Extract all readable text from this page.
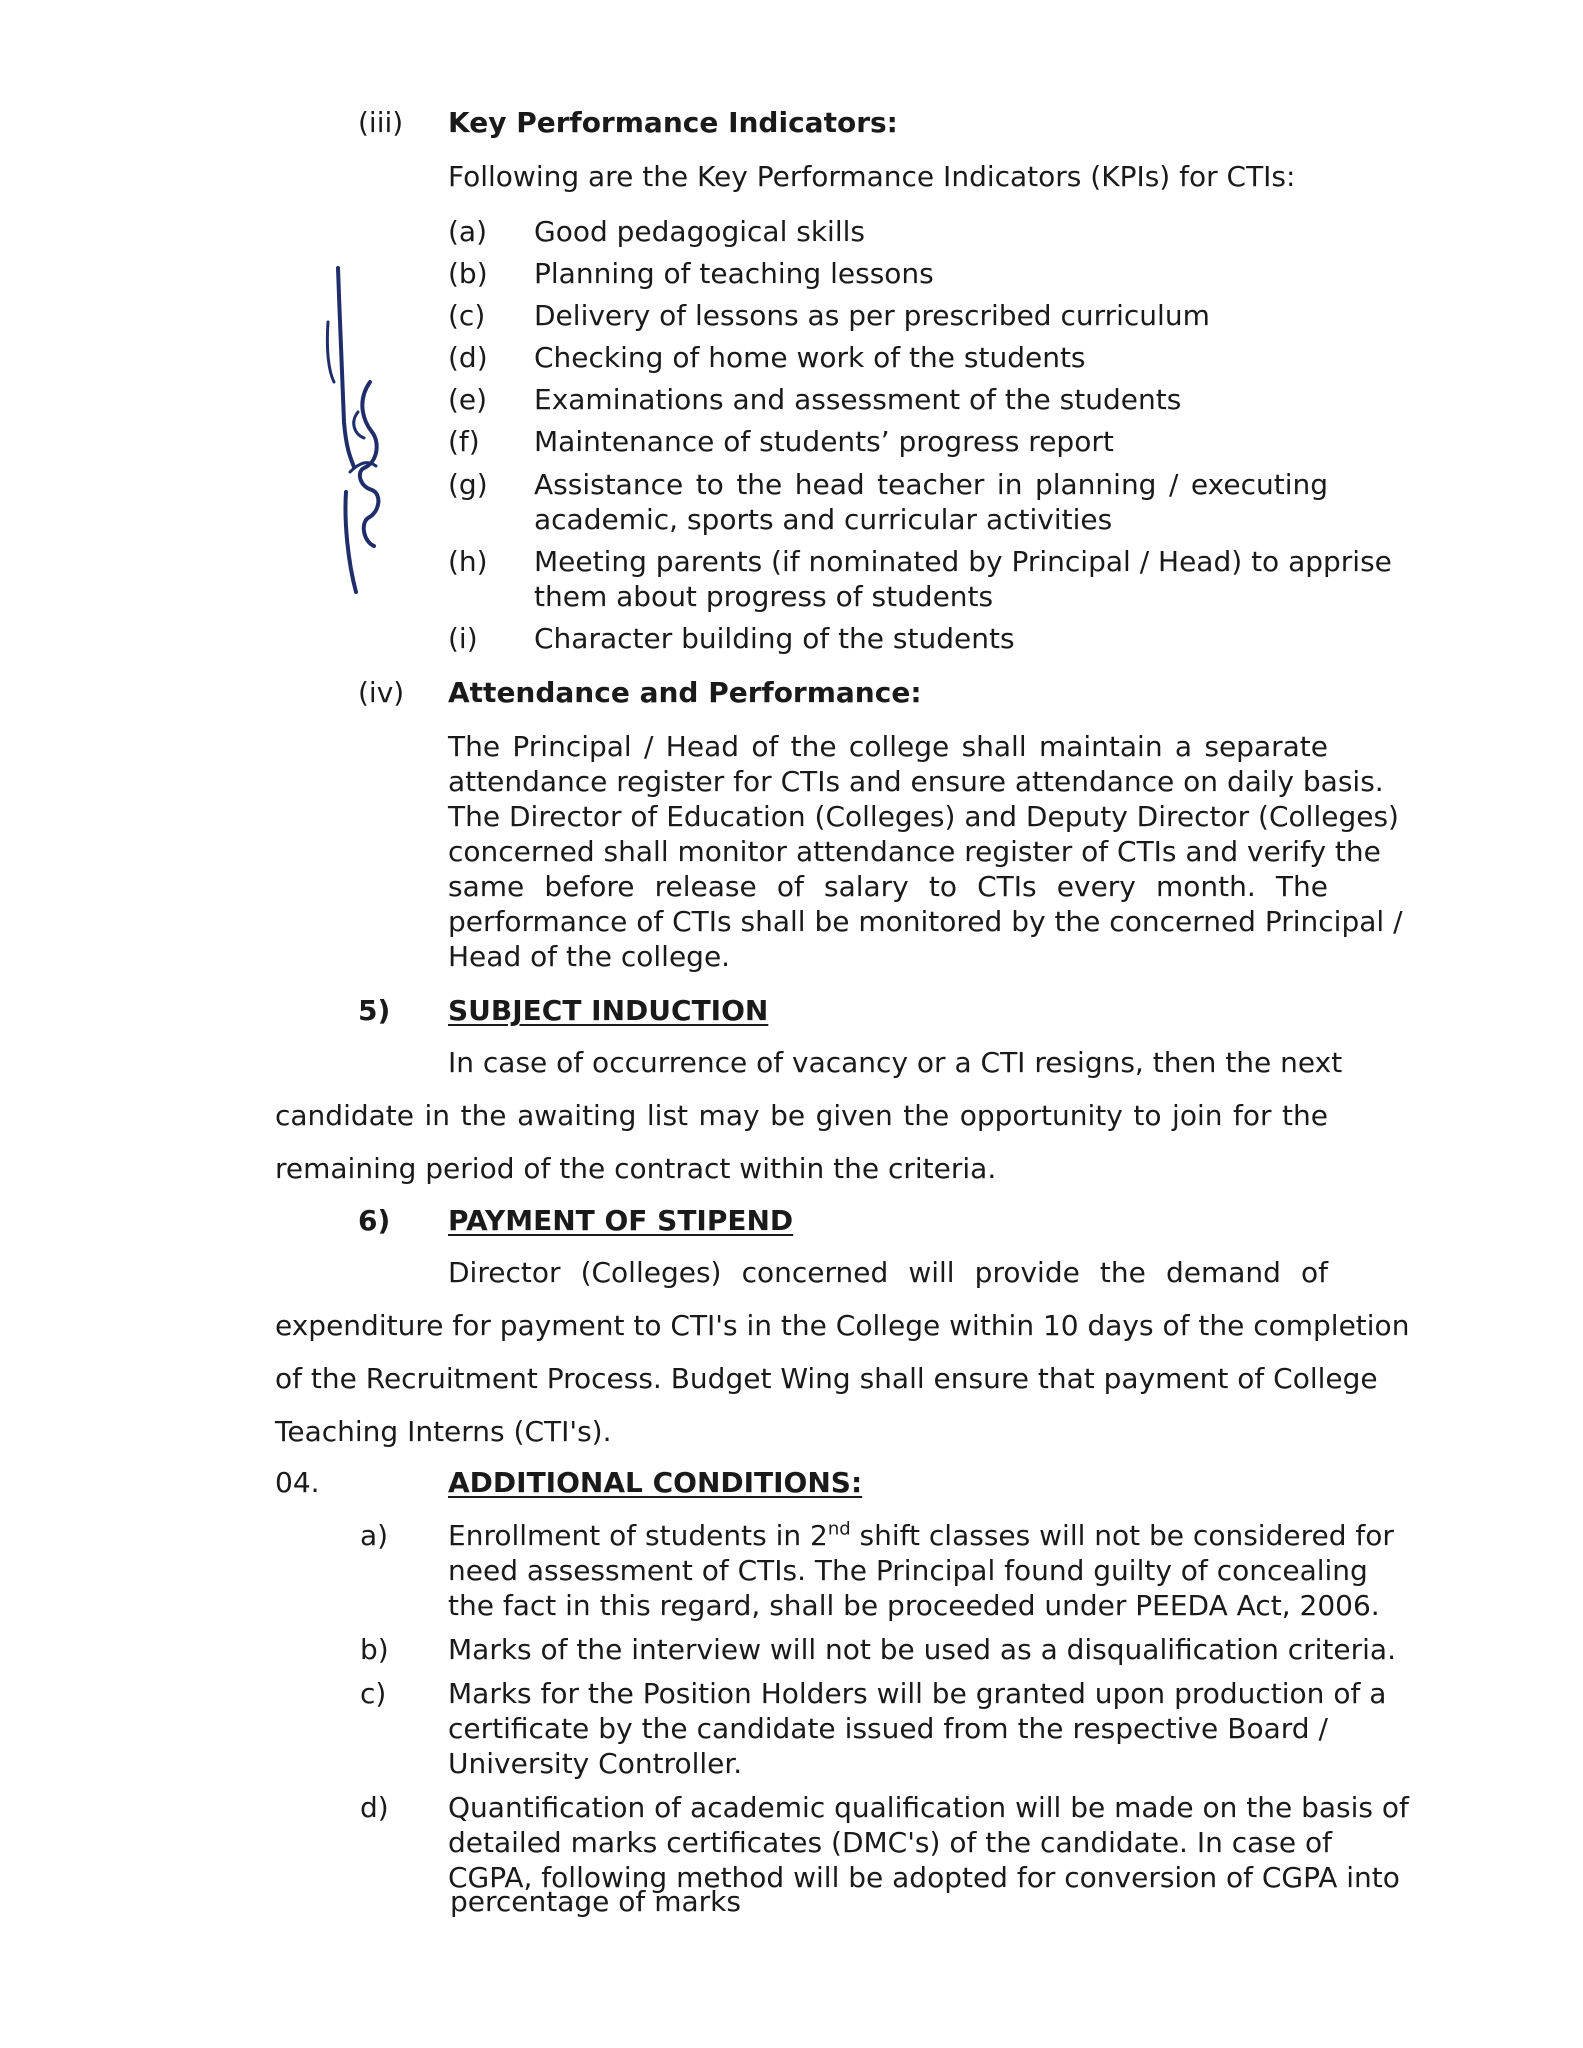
(iii) Key Performance Indicators:
Following are the Key Performance Indicators (KPIs) for CTIs:
(a) Good pedagogical skills
(b) Planning of teaching lessons
(c) Delivery of lessons as per prescribed curriculum
(d) Checking of home work of the students
(e) Examinations and assessment of the students
(f) Maintenance of students’ progress report
(g) Assistance to the head teacher in planning / executing
academic, sports and curricular activities
(h) Meeting parents (if nominated by Principal / Head) to apprise
them about progress of students
(i) Character building of the students
(iv) Attendance and Performance:
The Principal / Head of the college shall maintain a separate
attendance register for CTIs and ensure attendance on daily basis.
The Director of Education (Colleges) and Deputy Director (Colleges)
concerned shall monitor attendance register of CTIs and verify the
same before release of salary to CTIs every month. The
performance of CTIs shall be monitored by the concerned Principal /
Head of the college.
5) SUBJECT INDUCTION
In case of occurrence of vacancy or a CTI resigns, then the next
candidate in the awaiting list may be given the opportunity to join for the
remaining period of the contract within the criteria.
6) PAYMENT OF STIPEND
Director (Colleges) concerned will provide the demand of
expenditure for payment to CTI's in the College within 10 days of the completion
of the Recruitment Process. Budget Wing shall ensure that payment of College
Teaching Interns (CTI's).
04.	ADDITIONAL CONDITIONS:
a) Enrollment of students in 2nd shift classes will not be considered for
need assessment of CTIs. The Principal found guilty of concealing
the fact in this regard, shall be proceeded under PEEDA Act, 2006.
b) Marks of the interview will not be used as a disqualification criteria.
c) Marks for the Position Holders will be granted upon production of a
certificate by the candidate issued from the respective Board /
University Controller.
d) Quantification of academic qualification will be made on the basis of
detailed marks certificates (DMC's) of the candidate. In case of
CGPA, following method will be adopted for conversion of CGPA into
percentage of marks
